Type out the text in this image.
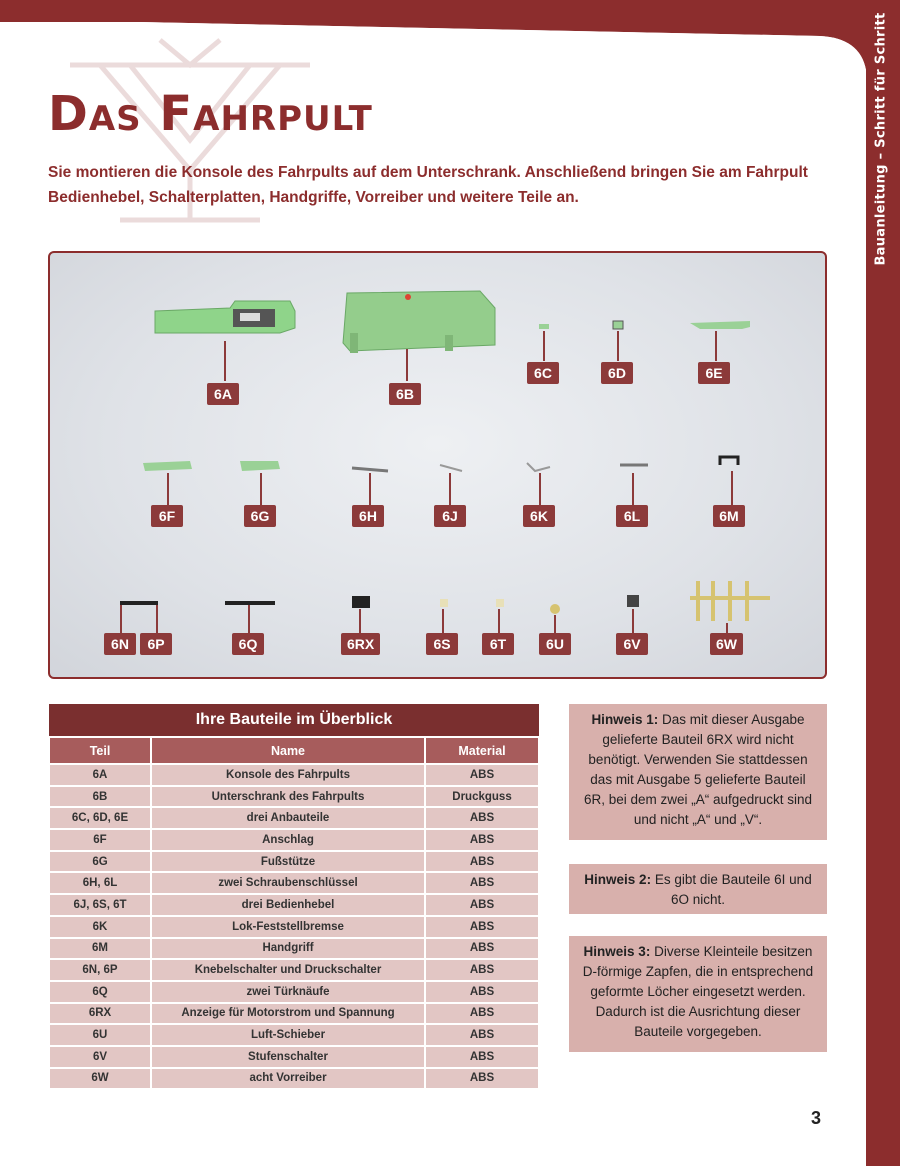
Bauanleitung – Schritt für Schritt
Das Fahrpult

Sie montieren die Konsole des Fahrpults auf dem Unterschrank. Anschließend bringen Sie am Fahrpult Bedienhebel, Schalterplatten, Handgriffe, Vorreiber und weitere Teile an.

6A	6B
6C	6D	6E
6F	6G	6H	6J	6K	6L	6M
6N	6P	6Q	6RX	6S	6T	6U	6V	6W
Ihre Bauteile im Überblick		
Teil	Name	Material
6A	Konsole des Fahrpults	ABS
6B	Unterschrank des Fahrpults	Druckguss
6C, 6D, 6E	drei Anbauteile	ABS
6F	Anschlag	ABS
6G	Fußstütze	ABS
6H, 6L	zwei Schraubenschlüssel	ABS
6J, 6S, 6T	drei Bedienhebel	ABS
6K	Lok-Feststellbremse	ABS
6M	Handgriff	ABS
6N, 6P	Knebelschalter und Druckschalter	ABS
6Q	zwei Türknäufe	ABS
6RX	Anzeige für Motorstrom und Spannung	ABS
6U	Luft-Schieber	ABS
6V	Stufenschalter	ABS
6W	acht Vorreiber	ABS
Hinweis 1: Das mit dieser Ausgabe gelieferte Bauteil 6RX wird nicht benötigt. Verwenden Sie stattdessen das mit Ausgabe 5 gelieferte Bauteil 6R, bei dem zwei „A“ aufgedruckt sind und nicht „A“ und „V“.
Hinweis 2: Es gibt die Bauteile 6I und 6O nicht.
Hinweis 3: Diverse Kleinteile besitzen D-förmige Zapfen, die in entsprechend geformte Löcher eingesetzt werden. Dadurch ist die Ausrichtung dieser Bauteile vorgegeben.
3
